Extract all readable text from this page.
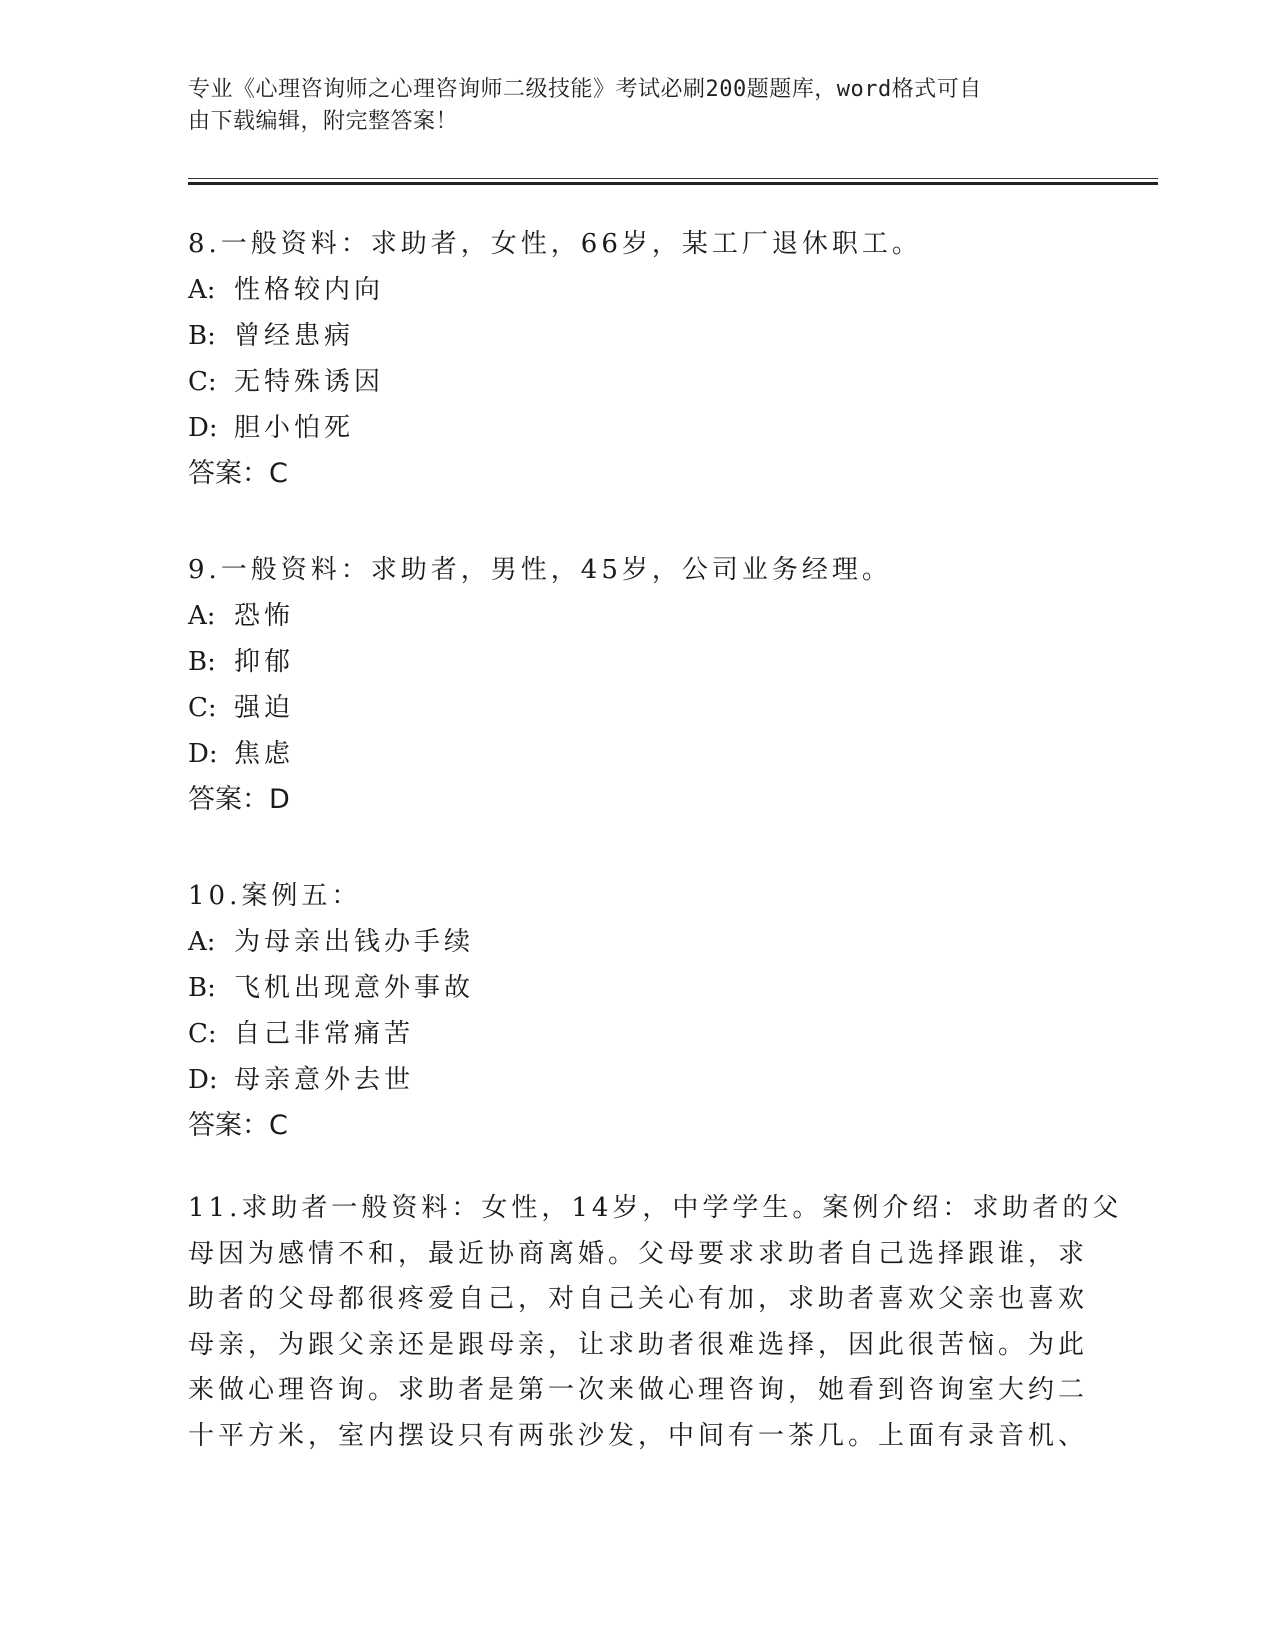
专业《心理咨询师之心理咨询师二级技能》考试必刷200题题库，word格式可自
由下载编辑，附完整答案！
8.一般资料：求助者，女性，66岁，某工厂退休职工。
A: 性格较内向
B: 曾经患病
C: 无特殊诱因
D: 胆小怕死
答案：C
9.一般资料：求助者，男性，45岁，公司业务经理。
A: 恐怖
B: 抑郁
C: 强迫
D: 焦虑
答案：D
10.案例五：
A: 为母亲出钱办手续
B: 飞机出现意外事故
C: 自己非常痛苦
D: 母亲意外去世
答案：C
11.求助者一般资料：女性，14岁，中学学生。案例介绍：求助者的父
母因为感情不和，最近协商离婚。父母要求求助者自己选择跟谁，求
助者的父母都很疼爱自己，对自己关心有加，求助者喜欢父亲也喜欢
母亲，为跟父亲还是跟母亲，让求助者很难选择，因此很苦恼。为此
来做心理咨询。求助者是第一次来做心理咨询，她看到咨询室大约二
十平方米，室内摆设只有两张沙发，中间有一茶几。上面有录音机、
